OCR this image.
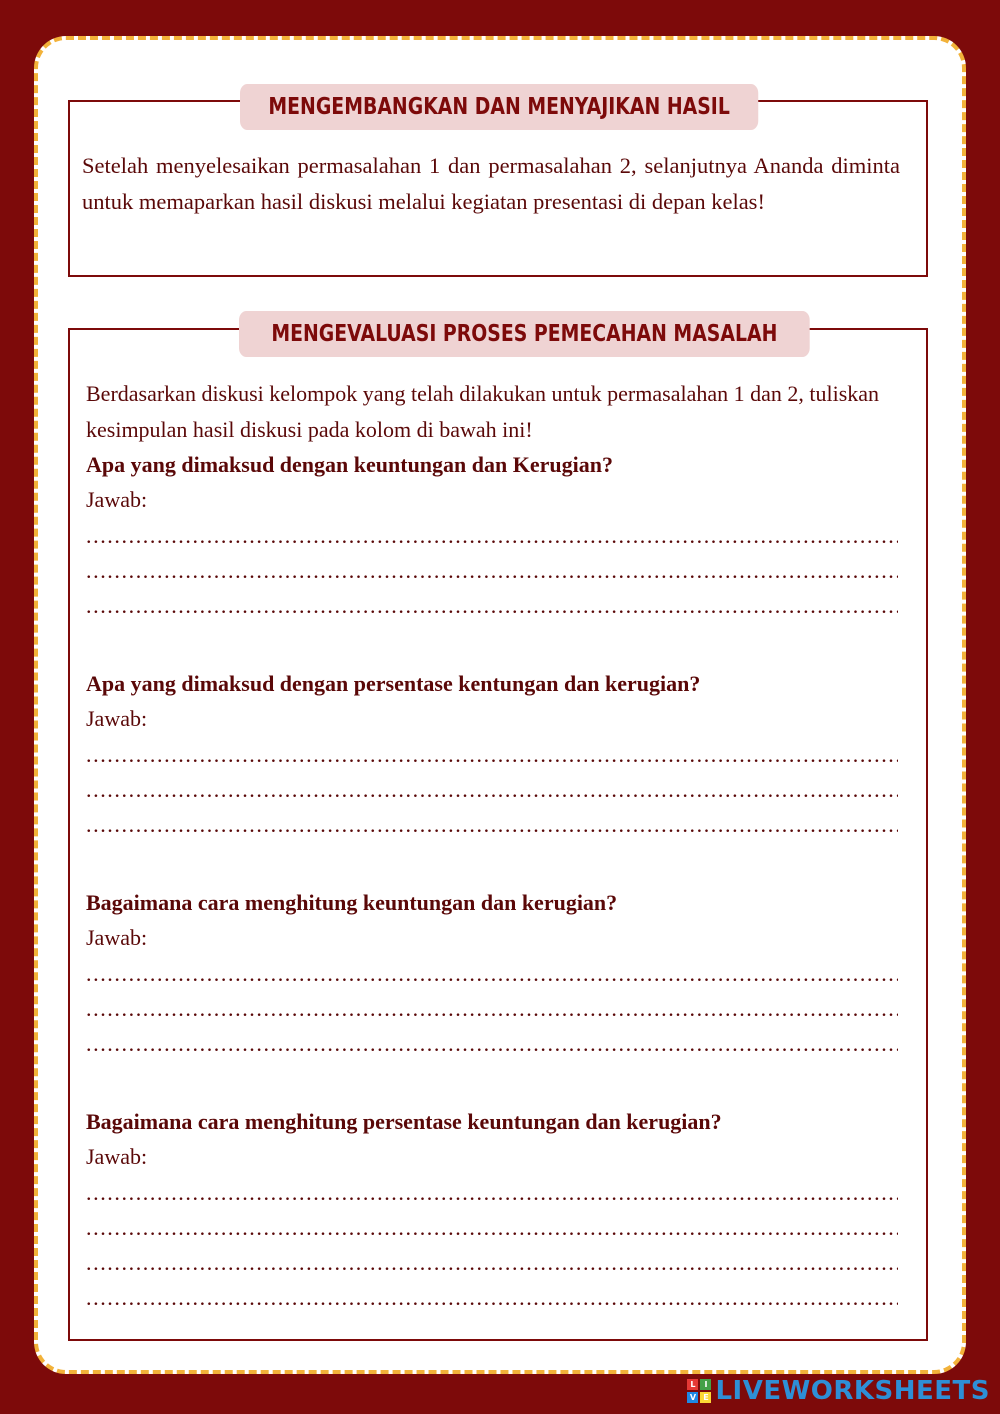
MENGEMBANGKAN DAN MENYAJIKAN HASIL

Setelah menyelesaikan permasalahan 1 dan permasalahan 2, selanjutnya Ananda diminta untuk memaparkan hasil diskusi melalui kegiatan presentasi di depan kelas!

MENGEVALUASI PROSES PEMECAHAN MASALAH

Berdasarkan diskusi kelompok yang telah dilakukan untuk permasalahan 1 dan 2, tuliskan kesimpulan hasil diskusi pada kolom di bawah ini!

Apa yang dimaksud dengan keuntungan dan Kerugian?

Jawab:

.....
.....
.....

Apa yang dimaksud dengan persentase kentungan dan kerugian?

Jawab:

.....
.....
.....

Bagaimana cara menghitung keuntungan dan kerugian?

Jawab:

.....
.....
.....

Bagaimana cara menghitung persentase keuntungan dan kerugian?

Jawab:

.....
.....
.....
.....
L	I
V E LIVEWORKSHEETS
